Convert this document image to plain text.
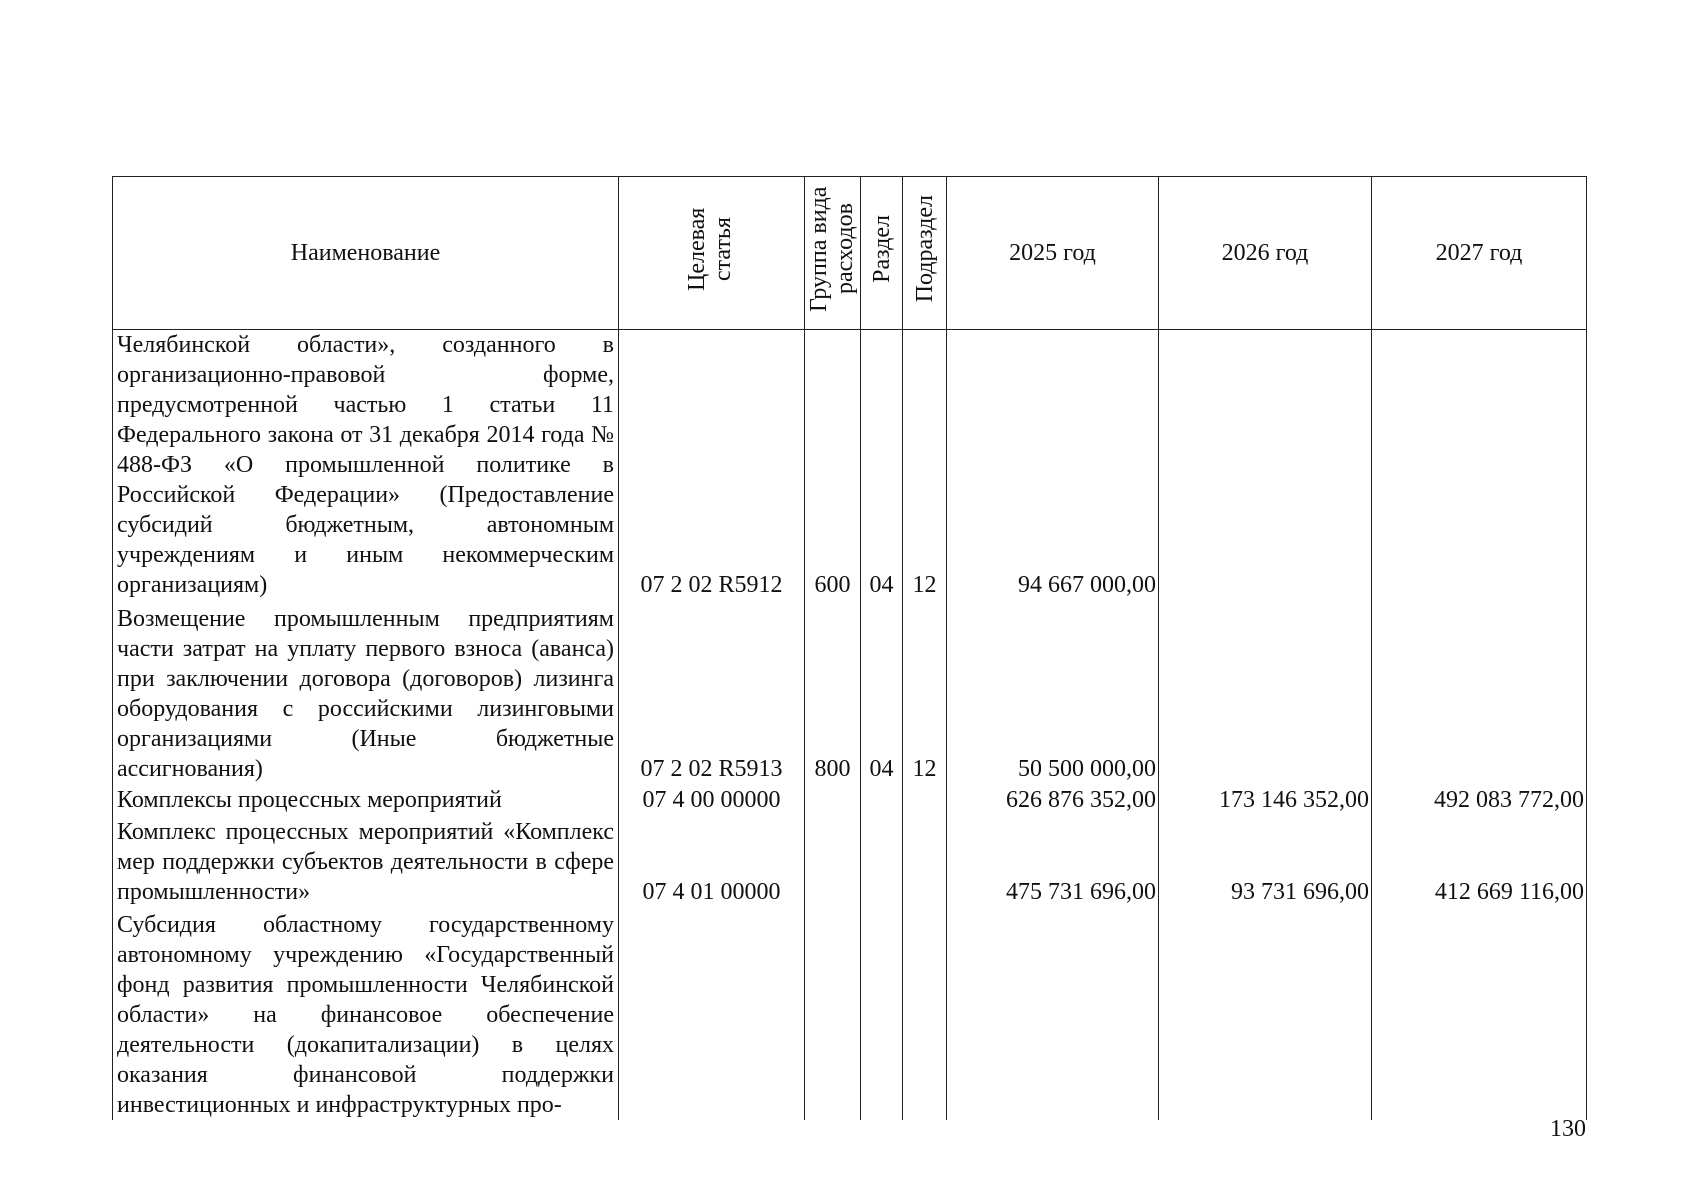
Наименование	Целевая статья	Группа вида расходов	Раздел	Подраздел	2025 год	2026 год	2027 год
Челябинской области», созданного в организационно-правовой форме, предусмотренной частью 1 статьи 11 Федерального закона от 31 декабря 2014 года № 488-ФЗ «О промышленной политике в Российской Федерации» (Предоставление субсидий бюджетным, автономным учреждениям и иным некоммерческим организациям)	07 2 02 R5912	600	04	12	94 667 000,00		
Возмещение промышленным предприятиям части затрат на уплату первого взноса (аванса) при заключении договора (договоров) лизинга оборудования с российскими лизинговыми организациями (Иные бюджетные ассигнования)	07 2 02 R5913	800	04	12	50 500 000,00		
Комплексы процессных мероприятий	07 4 00 00000				626 876 352,00	173 146 352,00	492 083 772,00
Комплекс процессных мероприятий «Комплекс мер поддержки субъектов деятельности в сфере промышленности»	07 4 01 00000				475 731 696,00	93 731 696,00	412 669 116,00
Субсидия областному государственному автономному учреждению «Государственный фонд развития промышленности Челябинской области» на финансовое обеспечение деятельности (докапитализации) в целях оказания финансовой поддержки инвестиционных и инфраструктурных про-							
130
